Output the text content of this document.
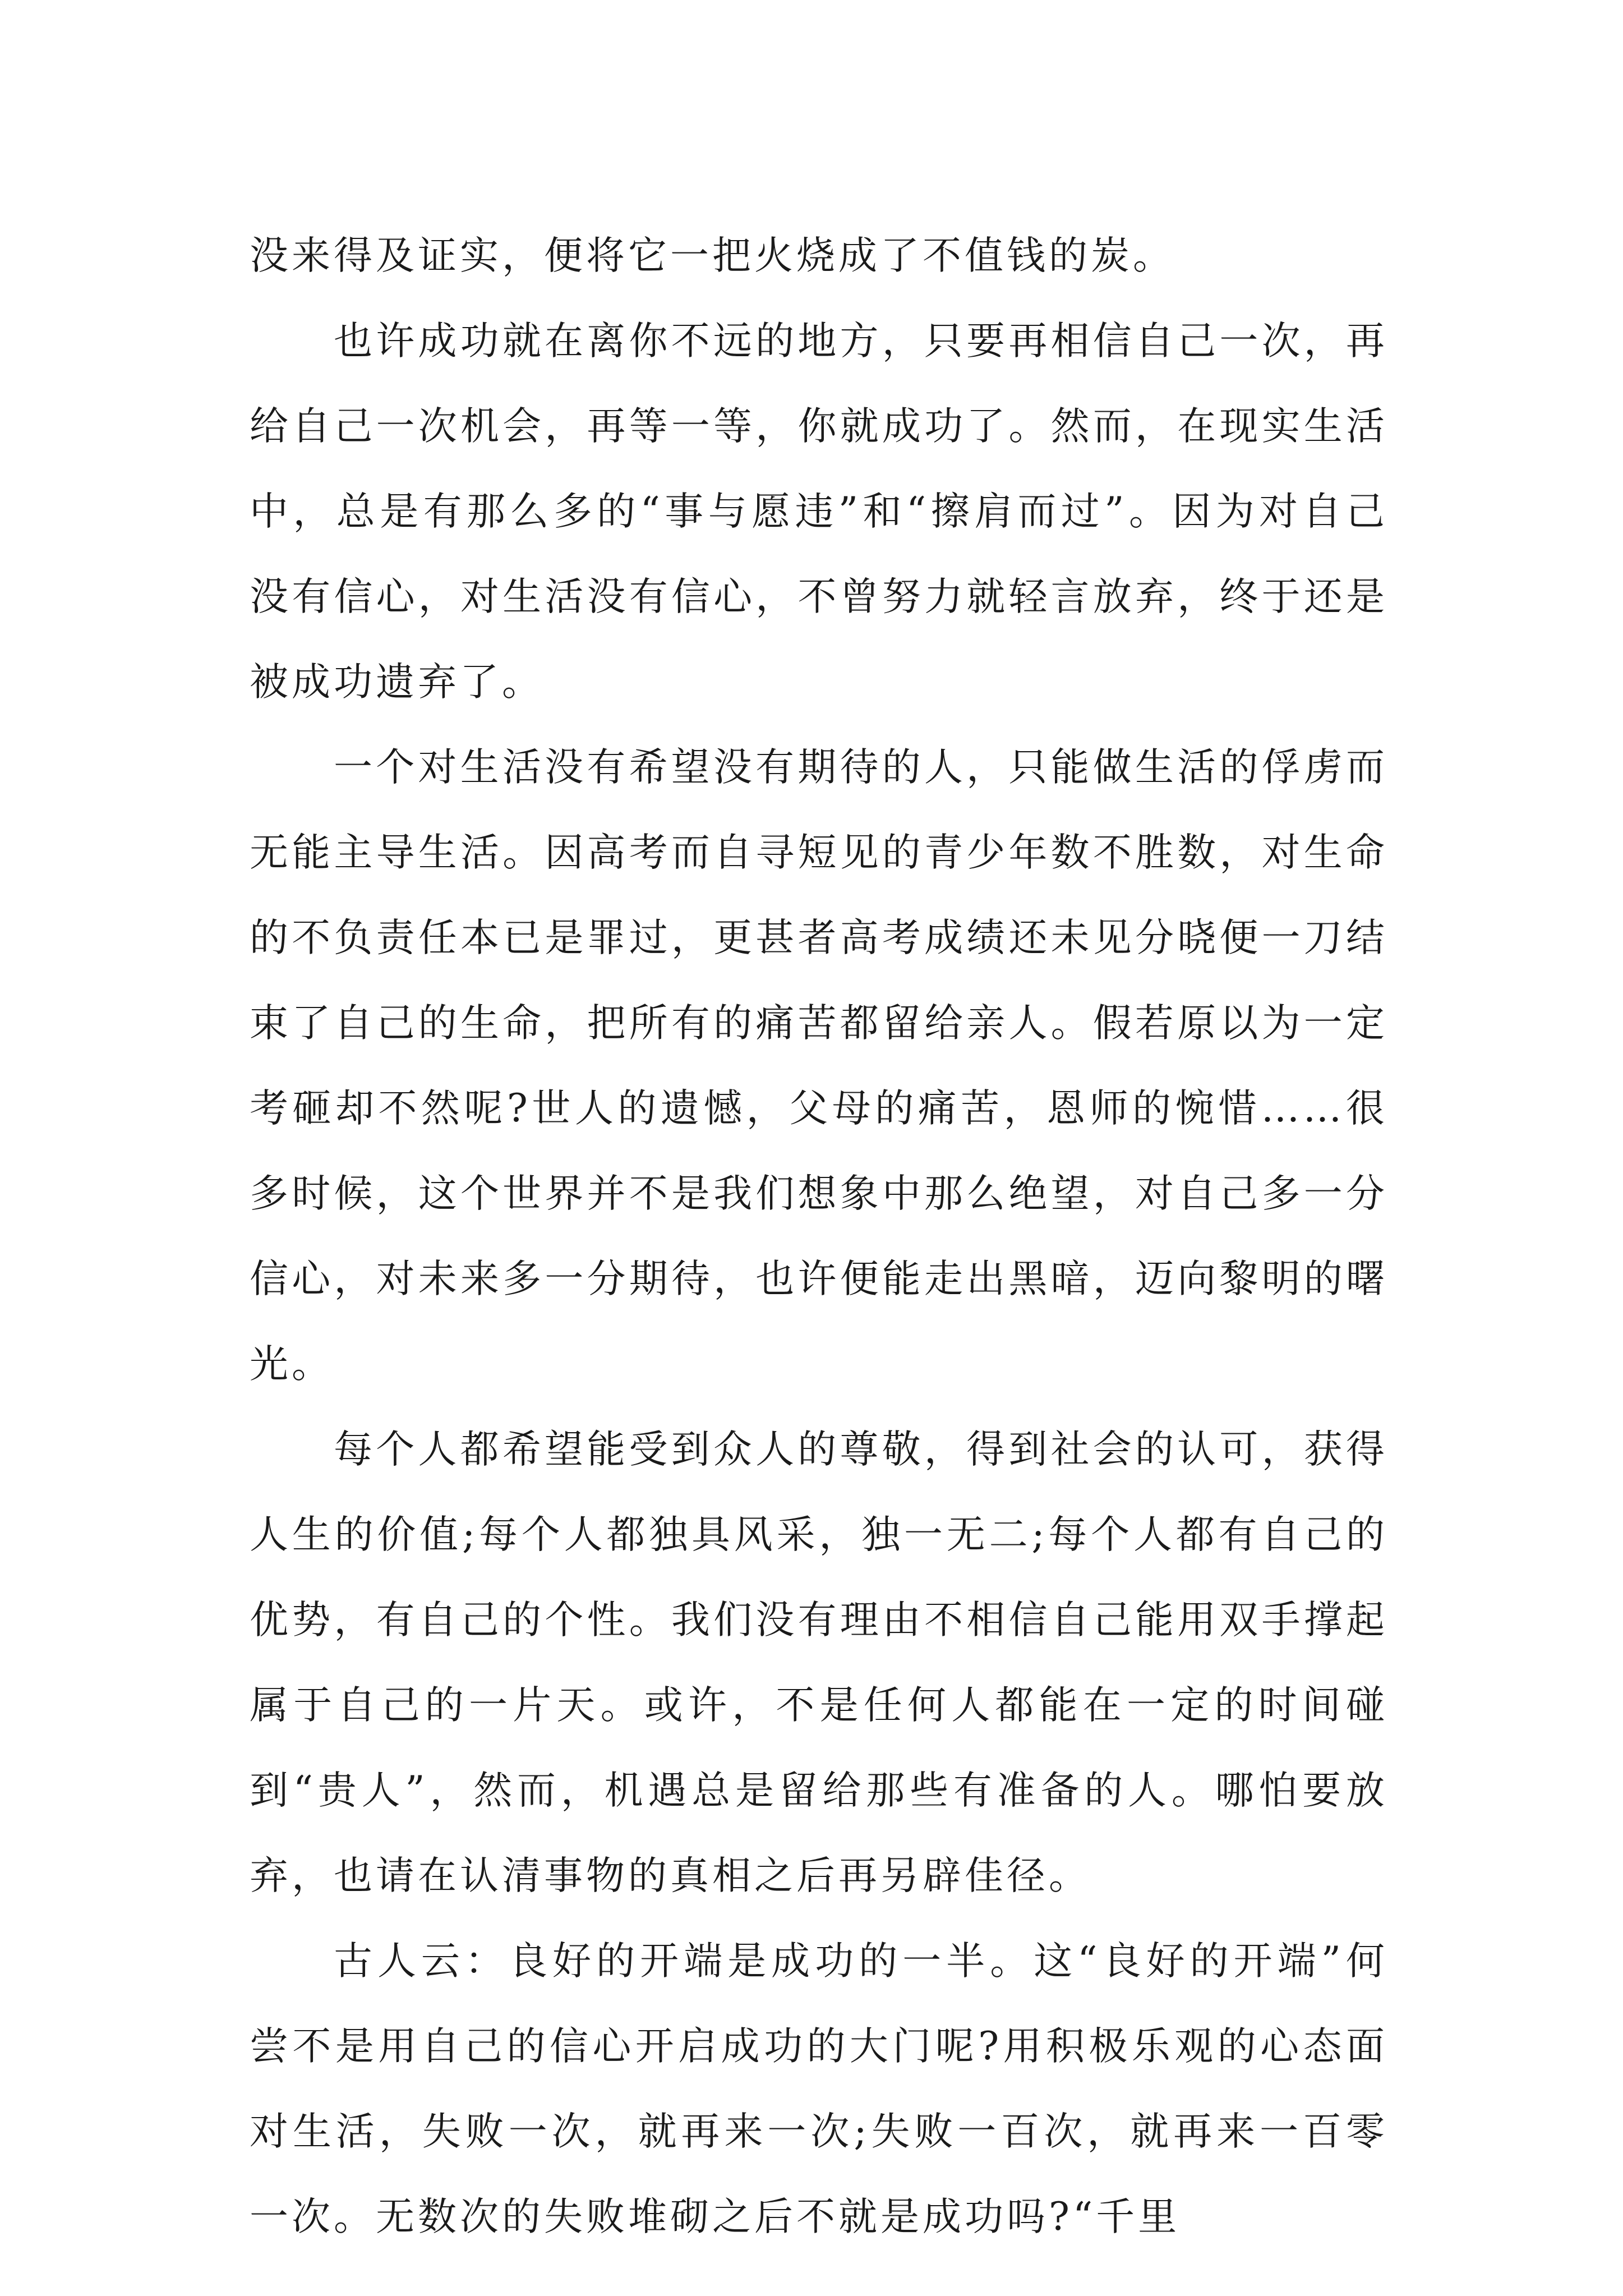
没来得及证实，便将它一把火烧成了不值钱的炭。

也许成功就在离你不远的地方，只要再相信自己一次，再给自己一次机会，再等一等，你就成功了。然而，在现实生活中，总是有那么多的“事与愿违”和“擦肩而过”。因为对自己没有信心，对生活没有信心，不曾努力就轻言放弃，终于还是被成功遗弃了。

一个对生活没有希望没有期待的人，只能做生活的俘虏而无能主导生活。因高考而自寻短见的青少年数不胜数，对生命的不负责任本已是罪过，更甚者高考成绩还未见分晓便一刀结束了自己的生命，把所有的痛苦都留给亲人。假若原以为一定考砸却不然呢?世人的遗憾，父母的痛苦，恩师的惋惜……很多时候，这个世界并不是我们想象中那么绝望，对自己多一分信心，对未来多一分期待，也许便能走出黑暗，迈向黎明的曙光。

每个人都希望能受到众人的尊敬，得到社会的认可，获得人生的价值;每个人都独具风采，独一无二;每个人都有自己的优势，有自己的个性。我们没有理由不相信自己能用双手撑起属于自己的一片天。或许，不是任何人都能在一定的时间碰到“贵人”，然而，机遇总是留给那些有准备的人。哪怕要放弃，也请在认清事物的真相之后再另辟佳径。

古人云：良好的开端是成功的一半。这“良好的开端”何尝不是用自己的信心开启成功的大门呢?用积极乐观的心态面对生活，失败一次，就再来一次;失败一百次，就再来一百零一次。无数次的失败堆砌之后不就是成功吗?“千里
